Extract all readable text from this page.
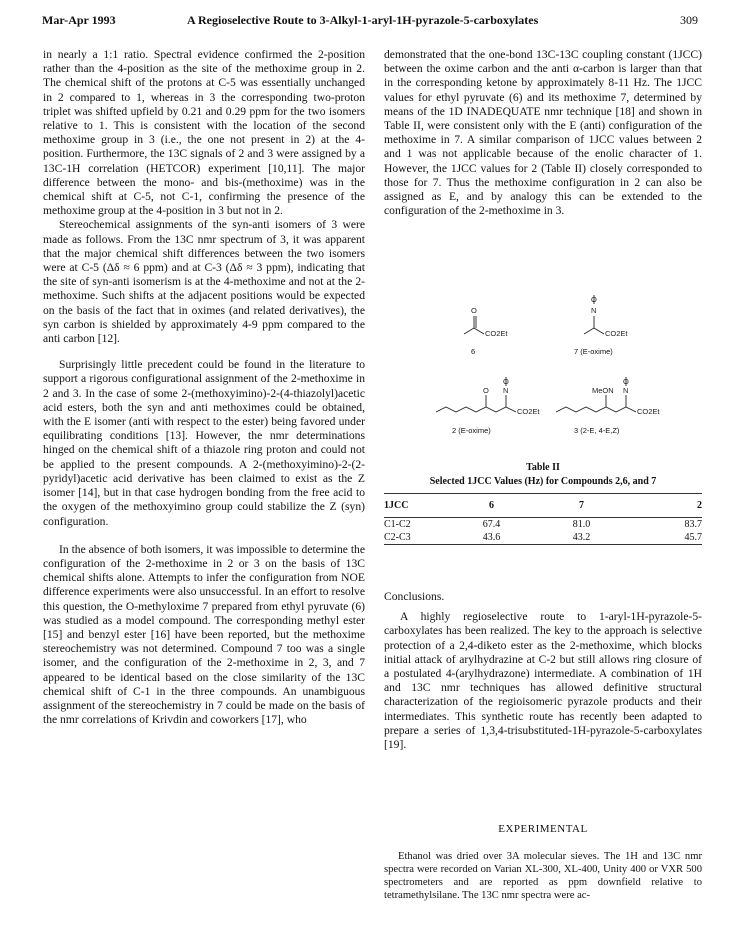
Mar-Apr 1993	A Regioselective Route to 3-Alkyl-1-aryl-1H-pyrazole-5-carboxylates	309

in nearly a 1:1 ratio. Spectral evidence confirmed the 2-position rather than the 4-position as the site of the methoxime group in 2. The chemical shift of the protons at C-5 was essentially unchanged in 2 compared to 1, whereas in 3 the corresponding two-proton triplet was shifted upfield by 0.21 and 0.29 ppm for the two isomers relative to 1. This is consistent with the location of the second methoxime group in 3 (i.e., the one not present in 2) at the 4-position. Furthermore, the 13C signals of 2 and 3 were assigned by a 13C-1H correlation (HETCOR) experiment [10,11]. The major difference between the mono- and bis-(methoxime) was in the chemical shift at C-5, not C-1, confirming the presence of the methoxime group at the 4-position in 3 but not in 2.

Stereochemical assignments of the syn-anti isomers of 3 were made as follows. From the 13C nmr spectrum of 3, it was apparent that the major chemical shift differences between the two isomers were at C-5 (Δδ ≈ 6 ppm) and at C-3 (Δδ ≈ 3 ppm), indicating that the site of syn-anti isomerism is at the 4-methoxime and not at the 2-methoxime. Such shifts at the adjacent positions would be expected on the basis of the fact that in oximes (and related derivatives), the syn carbon is shielded by approximately 4-9 ppm compared to the anti carbon [12].

Surprisingly little precedent could be found in the literature to support a rigorous configurational assignment of the 2-methoxime in 2 and 3. In the case of some 2-(methoxyimino)-2-(4-thiazolyl)acetic acid esters, both the syn and anti methoximes could be obtained, with the E isomer (anti with respect to the ester) being favored under equilibrating conditions [13]. However, the nmr determinations hinged on the chemical shift of a thiazole ring proton and could not be applied to the present compounds. A 2-(methoxyimino)-2-(2-pyridyl)acetic acid derivative has been claimed to exist as the Z isomer [14], but in that case hydrogen bonding from the free acid to the oxygen of the methoxyimino group could stabilize the Z (syn) configuration.

In the absence of both isomers, it was impossible to determine the configuration of the 2-methoxime in 2 or 3 on the basis of 13C chemical shifts alone. Attempts to infer the configuration from NOE difference experiments were also unsuccessful. In an effort to resolve this question, the O-methyloxime 7 prepared from ethyl pyruvate (6) was studied as a model compound. The corresponding methyl ester [15] and benzyl ester [16] have been reported, but the methoxime stereochemistry was not determined. Compound 7 too was a single isomer, and the configuration of the 2-methoxime in 2, 3, and 7 appeared to be identical based on the close similarity of the 13C chemical shift of C-1 in the three compounds. An unambiguous assignment of the stereochemistry in 7 could be made on the basis of the nmr correlations of Krivdin and coworkers [17], who

demonstrated that the one-bond 13C-13C coupling constant (1JCC) between the oxime carbon and the anti α-carbon is larger than that in the corresponding ketone by approximately 8-11 Hz. The 1JCC values for ethyl pyruvate (6) and its methoxime 7, determined by means of the 1D INADEQUATE nmr technique [18] and shown in Table II, were consistent only with the E (anti) configuration of the methoxime in 7. A similar comparison of 1JCC values between 2 and 1 was not applicable because of the enolic character of 1. However, the 1JCC values for 2 (Table II) closely corresponded to those for 7. Thus the methoxime configuration in 2 can also be assigned as E, and by analogy this can be extended to the configuration of the 2-methoxime in 3.

O
CO2Et
N
O
CO2Et
O N
O
CO2Et
MeON N
O
CO2Et
6	7 (E-oxime)
2 (E-oxime)	3 (2-E, 4-E,Z)

Table II

Selected 1JCC Values (Hz) for Compounds 2,6, and 7

1JCC	6	7	2
C1-C2	67.4	81.0	83.7
C2-C3	43.6	43.2	45.7
Conclusions.

A highly regioselective route to 1-aryl-1H-pyrazole-5-carboxylates has been realized. The key to the approach is selective protection of a 2,4-diketo ester as the 2-methoxime, which blocks initial attack of arylhydrazine at C-2 but still allows ring closure of a postulated 4-(arylhydrazone) intermediate. A combination of 1H and 13C nmr techniques has allowed definitive structural characterization of the regioisomeric pyrazole products and their intermediates. This synthetic route has recently been adapted to prepare a series of 1,3,4-trisubstituted-1H-pyrazole-5-carboxylates [19].

EXPERIMENTAL

Ethanol was dried over 3A molecular sieves. The 1H and 13C nmr spectra were recorded on Varian XL-300, XL-400, Unity 400 or VXR 500 spectrometers and are reported as ppm downfield relative to tetramethylsilane. The 13C nmr spectra were ac-
